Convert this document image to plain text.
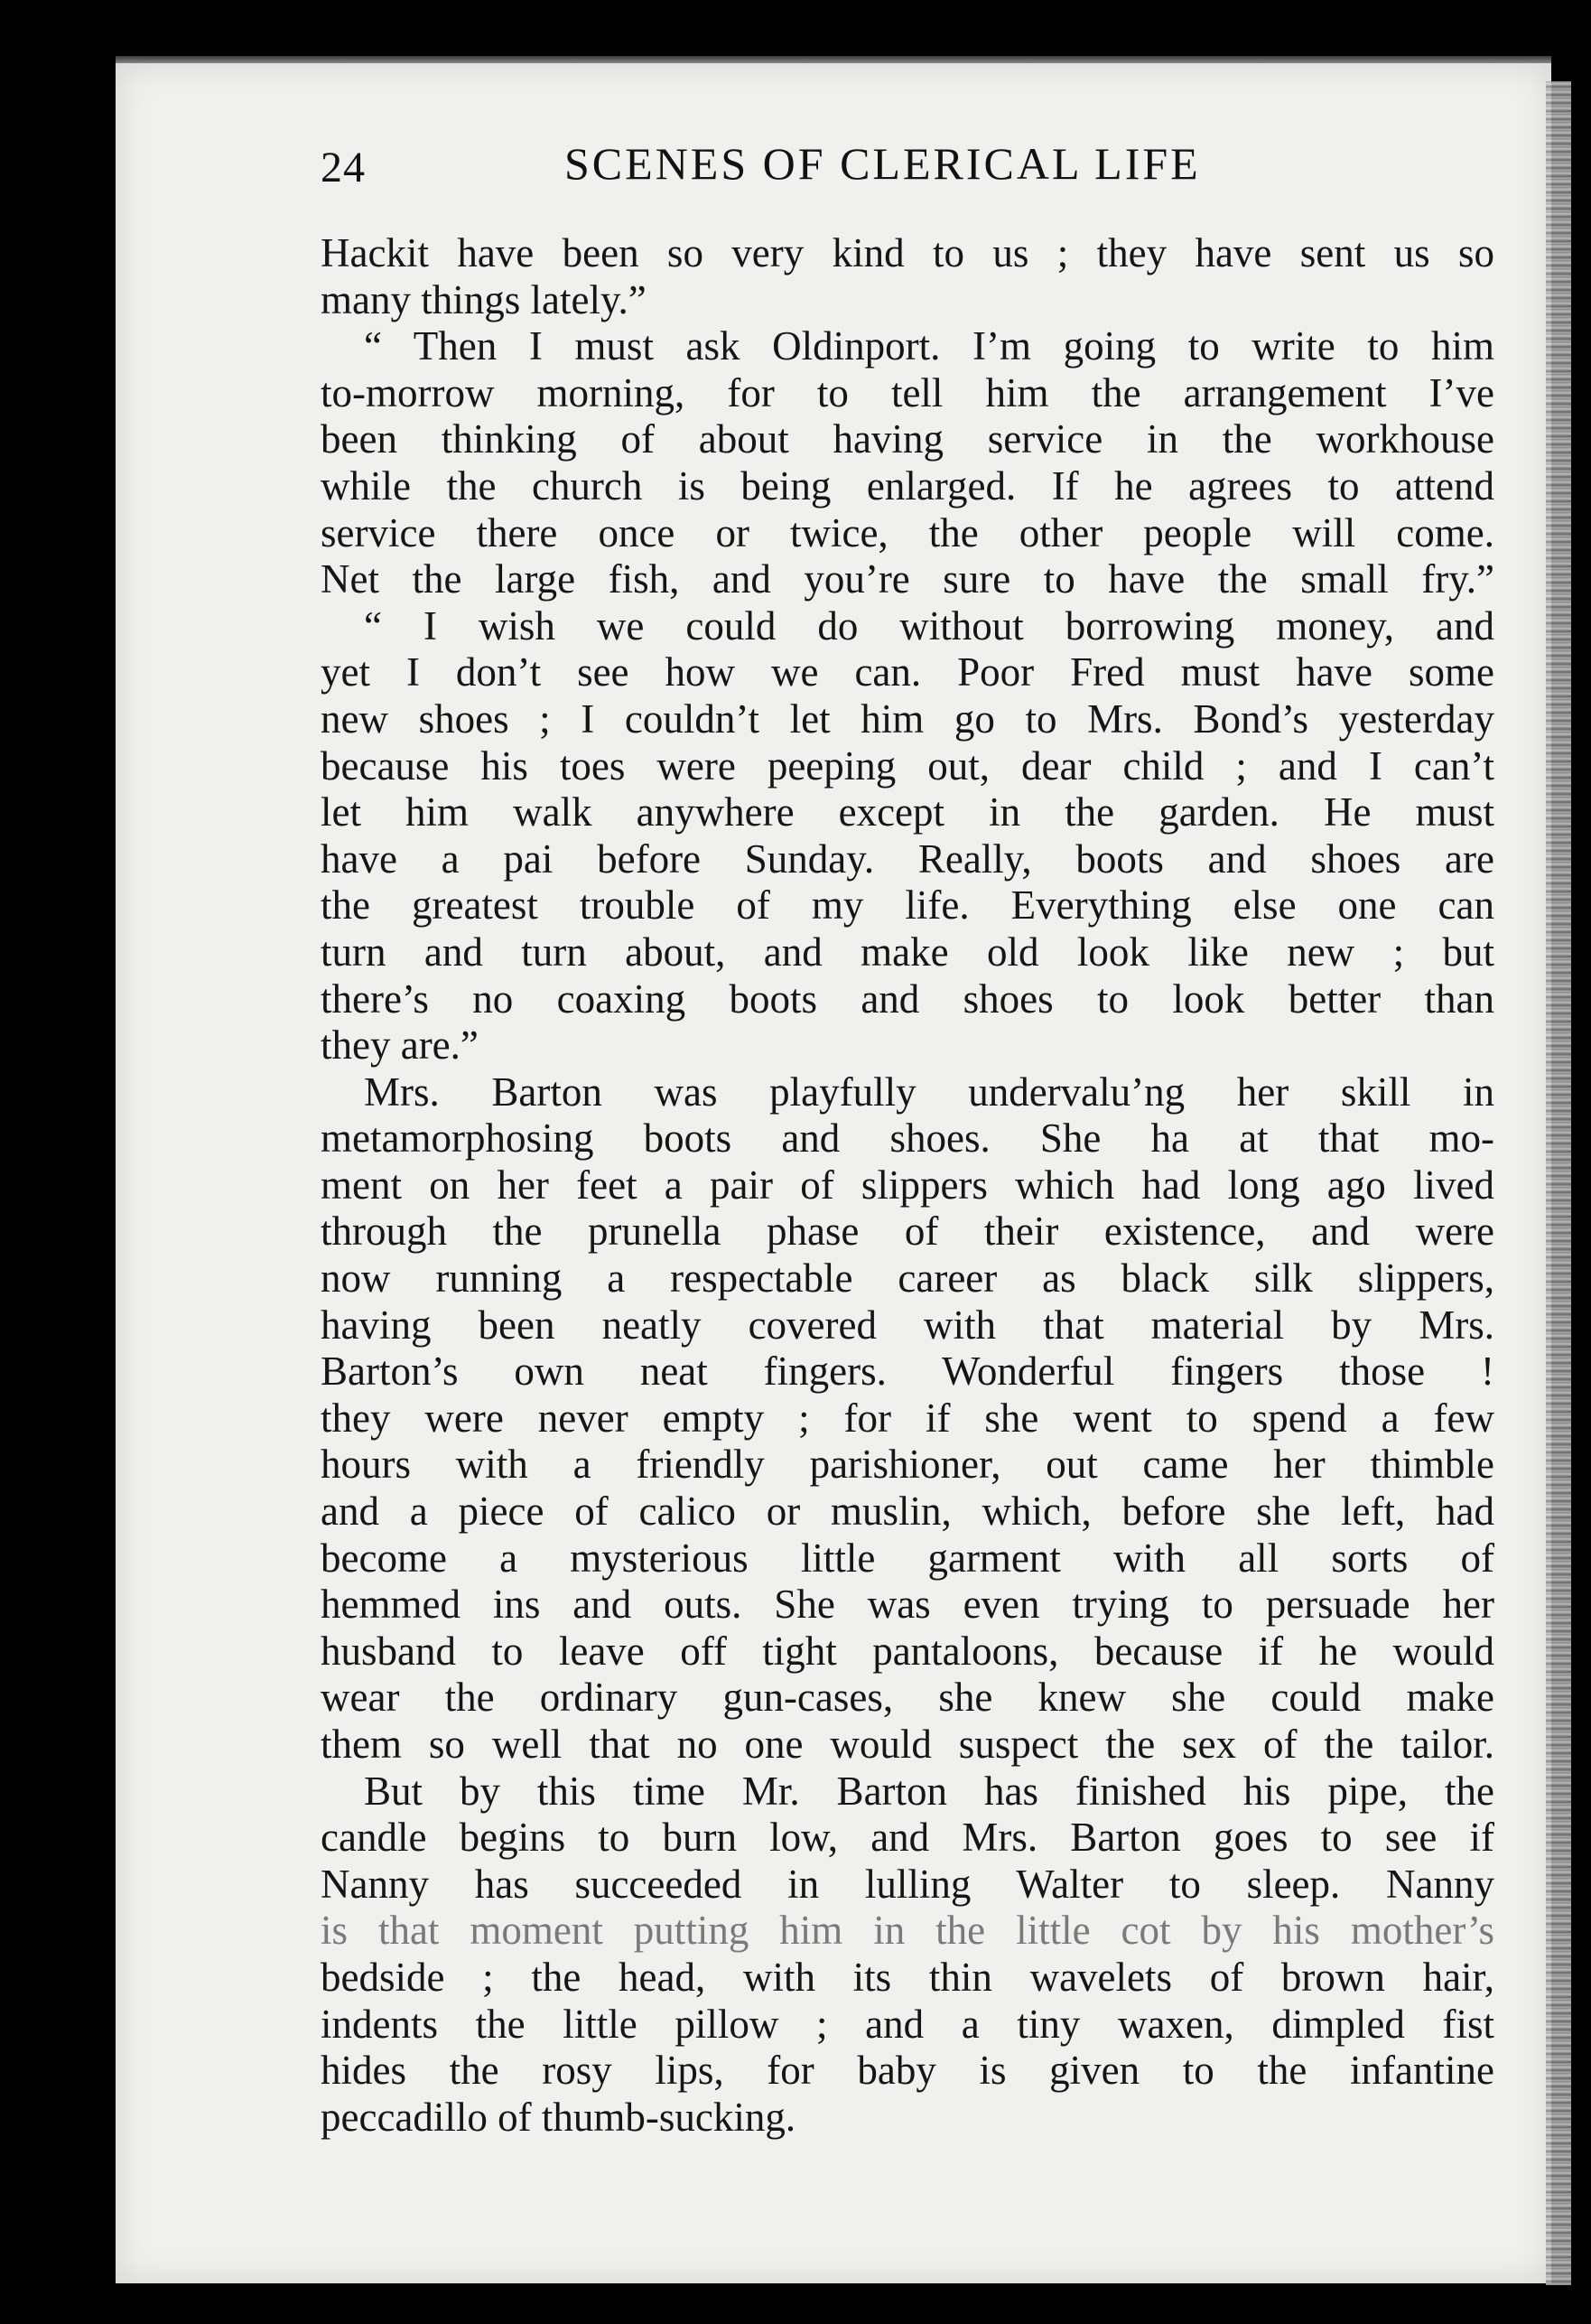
24	SCENES OF CLERICAL LIFE
Hackit have been so very kind to us ; they have sent us so
many things lately.”
“ Then I must ask Oldinport. I’m going to write to him
to-morrow morning, for to tell him the arrangement I’ve
been thinking of about having service in the workhouse
while the church is being enlarged. If he agrees to attend
service there once or twice, the other people will come.
Net the large fish, and you’re sure to have the small fry.”
“ I wish we could do without borrowing money, and
yet I don’t see how we can. Poor Fred must have some
new shoes ; I couldn’t let him go to Mrs. Bond’s yesterday
because his toes were peeping out, dear child ; and I can’t
let him walk anywhere except in the garden. He must
have a pai before Sunday. Really, boots and shoes are
the greatest trouble of my life. Everything else one can
turn and turn about, and make old look like new ; but
there’s no coaxing boots and shoes to look better than
they are.”
Mrs. Barton was playfully undervalu’ng her skill in
metamorphosing boots and shoes. She ha at that mo-
ment on her feet a pair of slippers which had long ago lived
through the prunella phase of their existence, and were
now running a respectable career as black silk slippers,
having been neatly covered with that material by Mrs.
Barton’s own neat fingers. Wonderful fingers those !
they were never empty ; for if she went to spend a few
hours with a friendly parishioner, out came her thimble
and a piece of calico or muslin, which, before she left, had
become a mysterious little garment with all sorts of
hemmed ins and outs. She was even trying to persuade her
husband to leave off tight pantaloons, because if he would
wear the ordinary gun-cases, she knew she could make
them so well that no one would suspect the sex of the tailor.
But by this time Mr. Barton has finished his pipe, the
candle begins to burn low, and Mrs. Barton goes to see if
Nanny has succeeded in lulling Walter to sleep. Nanny
is that moment putting him in the little cot by his mother’s
bedside ; the head, with its thin wavelets of brown hair,
indents the little pillow ; and a tiny waxen, dimpled fist
hides the rosy lips, for baby is given to the infantine
peccadillo of thumb-sucking.
